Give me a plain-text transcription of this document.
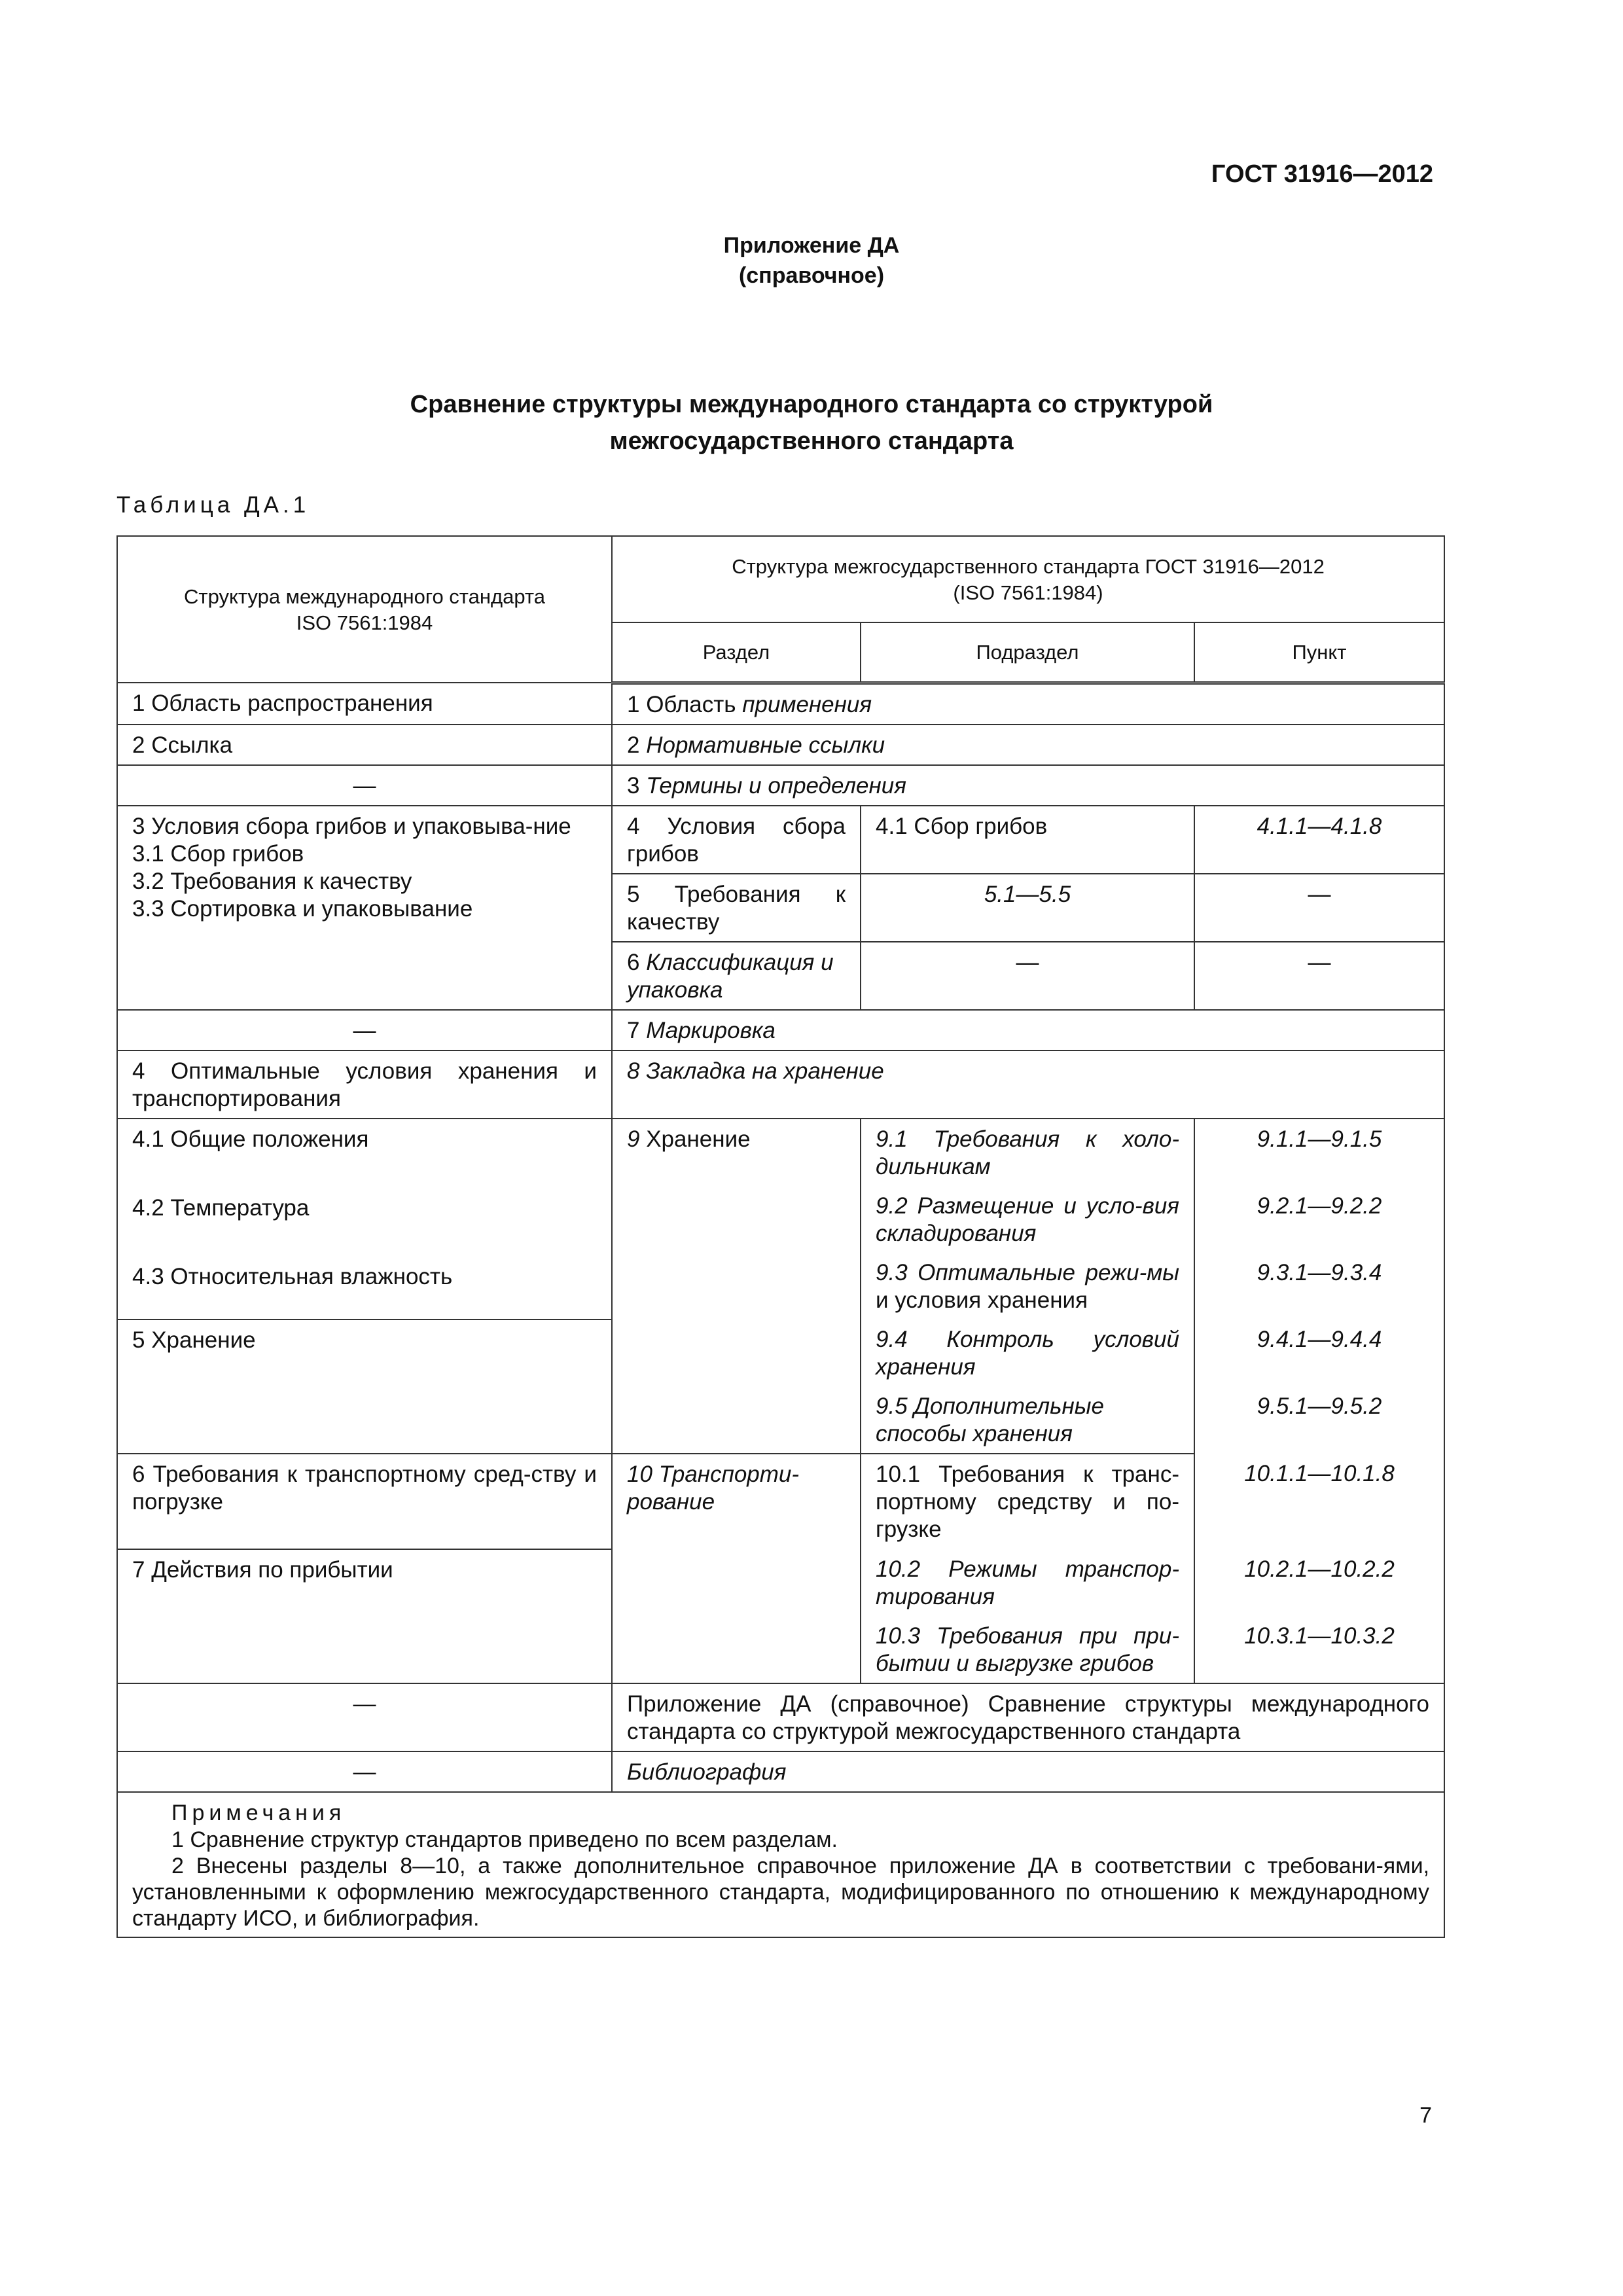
ГОСТ 31916—2012
Приложение ДА
(справочное)
Сравнение структуры международного стандарта со структурой
межгосударственного стандарта
Таблица ДА.1
Структура международного стандарта
ISO 7561:1984	Структура межгосударственного стандарта ГОСТ 31916—2012
(ISO 7561:1984)		

	Раздел	Подраздел	Пункт
1 Область распространения	1 Область применения		
2 Ссылка	2 Нормативные ссылки		
—	3 Термины и определения		

3 Условия сбора грибов и упаковыва-ние
3.1 Сбор грибов
3.2 Требования к качеству
3.3 Сортировка и упаковывание	4 Условия сбора грибов	4.1 Сбор грибов	4.1.1—4.1.8
	5 Требования к качеству	5.1—5.5	—
	6 Классификация и упаковка	—	—
—	7 Маркировка		
4 Оптимальные условия хранения и транспортирования	8 Закладка на хранение		

4.1 Общие положения
4.2 Температура
4.3 Относительная влажность	9 Хранение	9.1 Требования к холо-дильникам	9.1.1—9.1.5
		9.2 Размещение и усло-вия складирования	9.2.1—9.2.2
		9.3 Оптимальные режи-мы и условия хранения	9.3.1—9.3.4
5 Хранение		9.4 Контроль условий хранения	9.4.1—9.4.4
		9.5 Дополнительные способы хранения	9.5.1—9.5.2
6 Требования к транспортному сред-ству и погрузке	10 Транспорти-рование	10.1 Требования к транс-портному средству и по-грузке	10.1.1—10.1.8
7 Действия по прибытии		10.2 Режимы транспор-тирования	10.2.1—10.2.2
		10.3 Требования при при-бытии и выгрузке грибов	10.3.1—10.3.2
—	Приложение ДА (справочное) Сравнение структуры международного стандарта со структурой межгосударственного стандарта		
—	Библиография		

Примечания
1 Сравнение структур стандартов приведено по всем разделам.
2 Внесены разделы 8—10, а также дополнительное справочное приложение ДА в соответствии с требовани-ями, установленными к оформлению межгосударственного стандарта, модифицированного по отношению к международному стандарту ИСО, и библиография.			
7
